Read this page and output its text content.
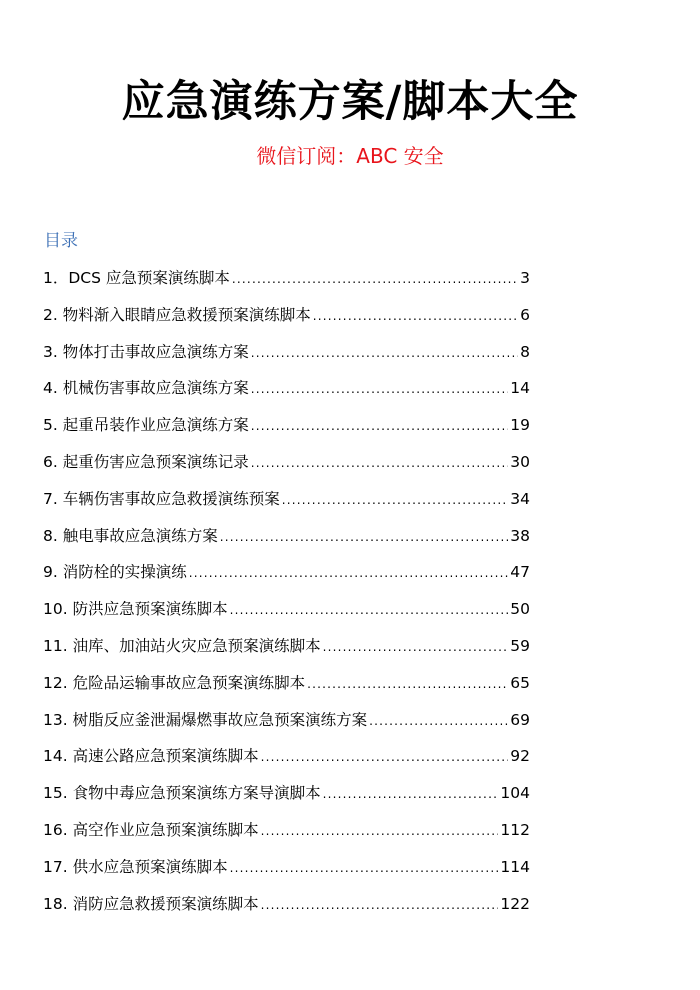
应急演练方案/脚本大全
微信订阅：ABC 安全
目录
1．DCS 应急预案演练脚本 .....	3
2. 物料渐入眼睛应急救援预案演练脚本 .....	6
3. 物体打击事故应急演练方案 .....	8
4. 机械伤害事故应急演练方案 .....	14
5. 起重吊装作业应急演练方案 .....	19
6. 起重伤害应急预案演练记录 .....	30
7. 车辆伤害事故应急救援演练预案 .....	34
8. 触电事故应急演练方案 .....	38
9. 消防栓的实操演练 .....	47
10. 防洪应急预案演练脚本 .....	50
11. 油库、加油站火灾应急预案演练脚本 .....	59
12. 危险品运输事故应急预案演练脚本 .....	65
13. 树脂反应釜泄漏爆燃事故应急预案演练方案 .....	69
14. 高速公路应急预案演练脚本 .....	92
15. 食物中毒应急预案演练方案导演脚本 .....	104
16. 高空作业应急预案演练脚本 .....	112
17. 供水应急预案演练脚本 .....	114
18. 消防应急救援预案演练脚本 .....	122
